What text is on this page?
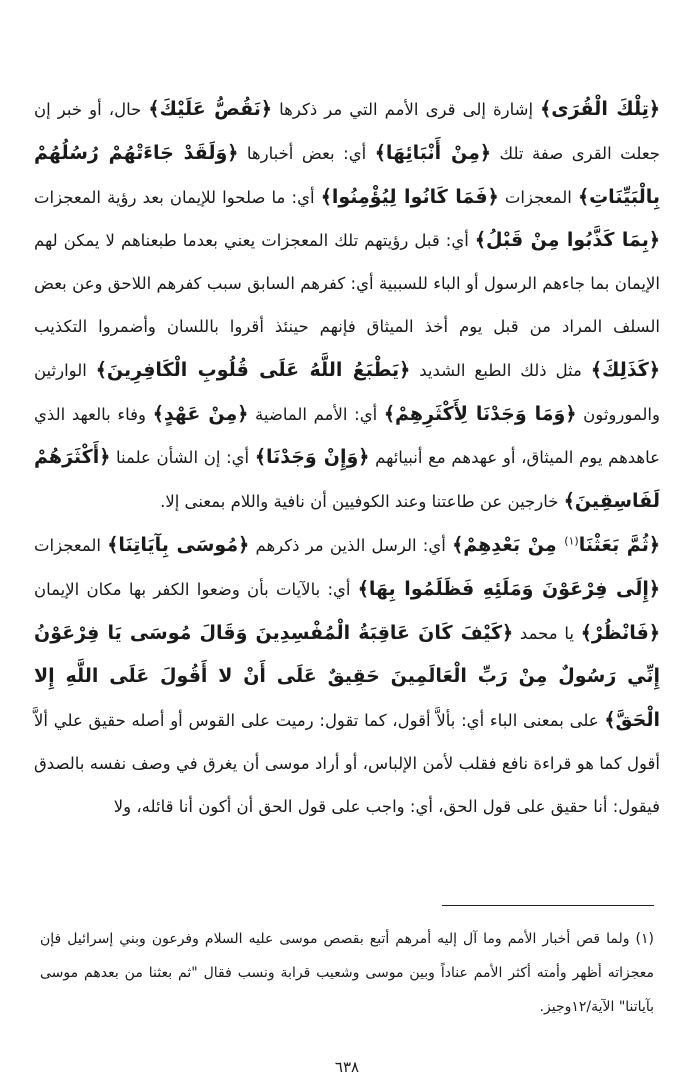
﴿تِلْكَ الْقُرَى﴾ إشارة إلى قرى الأمم التي مر ذكرها ﴿نَقُصُّ عَلَيْكَ﴾ حال، أو خبر إن جعلت القرى صفة تلك ﴿مِنْ أَنْبَائِهَا﴾ أي: بعض أخبارها ﴿وَلَقَدْ جَاءَتْهُمْ رُسُلُهُمْ بِالْبَيِّنَاتِ﴾ المعجزات ﴿فَمَا كَانُوا لِيُؤْمِنُوا﴾ أي: ما صلحوا للإيمان بعد رؤية المعجزات ﴿بِمَا كَذَّبُوا مِنْ قَبْلُ﴾ أي: قبل رؤيتهم تلك المعجزات يعني بعدما طبعناهم لا يمكن لهم الإيمان بما جاءهم الرسول أو الباء للسببية أي: كفرهم السابق سبب كفرهم اللاحق وعن بعض السلف المراد من قبل يوم أخذ الميثاق فإنهم حينئذ أقروا باللسان وأضمروا التكذيب ﴿كَذَلِكَ﴾ مثل ذلك الطبع الشديد ﴿يَطْبَعُ اللَّهُ عَلَى قُلُوبِ الْكَافِرِينَ﴾ الوارثين والموروثون ﴿وَمَا وَجَدْنَا لِأَكْثَرِهِمْ﴾ أي: الأمم الماضية ﴿مِنْ عَهْدٍ﴾ وفاء بالعهد الذي عاهدهم يوم الميثاق، أو عهدهم مع أنبيائهم ﴿وَإِنْ وَجَدْنَا﴾ أي: إن الشأن علمنا ﴿أَكْثَرَهُمْ لَفَاسِقِينَ﴾ خارجين عن طاعتنا وعند الكوفيين أن نافية واللام بمعنى إلا.

﴿ثُمَّ بَعَثْنَا$^{(١)}$ مِنْ بَعْدِهِمْ﴾ أي: الرسل الذين مر ذكرهم ﴿مُوسَى بِآيَاتِنَا﴾ المعجزات ﴿إِلَى فِرْعَوْنَ وَمَلَئِهِ فَظَلَمُوا بِهَا﴾ أي: بالآيات بأن وضعوا الكفر بها مكان الإيمان ﴿فَانْظُرْ﴾ يا محمد ﴿كَيْفَ كَانَ عَاقِبَةُ الْمُفْسِدِينَ وَقَالَ مُوسَى يَا فِرْعَوْنُ إِنِّي رَسُولٌ مِنْ رَبِّ الْعَالَمِينَ حَقِيقٌ عَلَى أَنْ لا أَقُولَ عَلَى اللَّهِ إِلا الْحَقَّ﴾ على بمعنى الباء أي: بألاَّ أقول، كما تقول: رميت على القوس أو أصله حقيق علي ألاَّ أقول كما هو قراءة نافع فقلب لأمن الإلباس، أو أراد موسى أن يغرق في وصف نفسه بالصدق فيقول: أنا حقيق على قول الحق، أي: واجب على قول الحق أن أكون أنا قائله، ولا

(١) ولما قص أخبار الأمم وما آل إليه أمرهم أتبع بقصص موسى عليه السلام وفرعون وبني إسرائيل فإن معجزاته أظهر وأمته أكثر الأمم عناداً وبين موسى وشعيب قرابة ونسب فقال "ثم بعثنا من بعدهم موسى بآياتنا" الآية/١٢وجيز.

٦٣٨
